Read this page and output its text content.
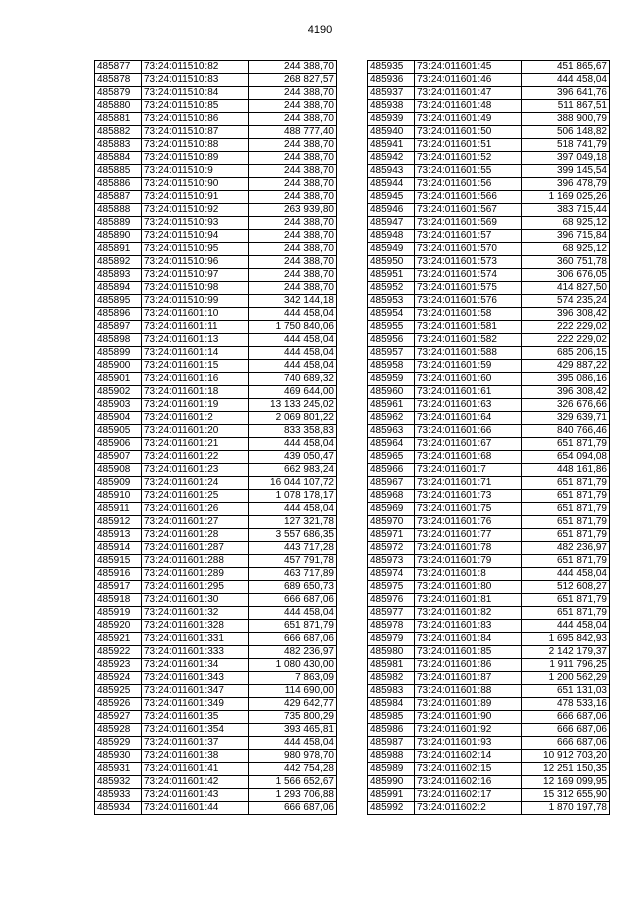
4190
485877	73:24:011510:82	244 388,70
485878	73:24:011510:83	268 827,57
485879	73:24:011510:84	244 388,70
485880	73:24:011510:85	244 388,70
485881	73:24:011510:86	244 388,70
485882	73:24:011510:87	488 777,40
485883	73:24:011510:88	244 388,70
485884	73:24:011510:89	244 388,70
485885	73:24:011510:9	244 388,70
485886	73:24:011510:90	244 388,70
485887	73:24:011510:91	244 388,70
485888	73:24:011510:92	263 939,80
485889	73:24:011510:93	244 388,70
485890	73:24:011510:94	244 388,70
485891	73:24:011510:95	244 388,70
485892	73:24:011510:96	244 388,70
485893	73:24:011510:97	244 388,70
485894	73:24:011510:98	244 388,70
485895	73:24:011510:99	342 144,18
485896	73:24:011601:10	444 458,04
485897	73:24:011601:11	1 750 840,06
485898	73:24:011601:13	444 458,04
485899	73:24:011601:14	444 458,04
485900	73:24:011601:15	444 458,04
485901	73:24:011601:16	740 689,32
485902	73:24:011601:18	469 644,00
485903	73:24:011601:19	13 133 245,02
485904	73:24:011601:2	2 069 801,22
485905	73:24:011601:20	833 358,83
485906	73:24:011601:21	444 458,04
485907	73:24:011601:22	439 050,47
485908	73:24:011601:23	662 983,24
485909	73:24:011601:24	16 044 107,72
485910	73:24:011601:25	1 078 178,17
485911	73:24:011601:26	444 458,04
485912	73:24:011601:27	127 321,78
485913	73:24:011601:28	3 557 686,35
485914	73:24:011601:287	443 717,28
485915	73:24:011601:288	457 791,78
485916	73:24:011601:289	463 717,89
485917	73:24:011601:295	689 650,73
485918	73:24:011601:30	666 687,06
485919	73:24:011601:32	444 458,04
485920	73:24:011601:328	651 871,79
485921	73:24:011601:331	666 687,06
485922	73:24:011601:333	482 236,97
485923	73:24:011601:34	1 080 430,00
485924	73:24:011601:343	7 863,09
485925	73:24:011601:347	114 690,00
485926	73:24:011601:349	429 642,77
485927	73:24:011601:35	735 800,29
485928	73:24:011601:354	393 465,81
485929	73:24:011601:37	444 458,04
485930	73:24:011601:38	980 978,70
485931	73:24:011601:41	442 754,28
485932	73:24:011601:42	1 566 652,67
485933	73:24:011601:43	1 293 706,88
485934	73:24:011601:44	666 687,06
485935	73:24:011601:45	451 865,67
485936	73:24:011601:46	444 458,04
485937	73:24:011601:47	396 641,76
485938	73:24:011601:48	511 867,51
485939	73:24:011601:49	388 900,79
485940	73:24:011601:50	506 148,82
485941	73:24:011601:51	518 741,79
485942	73:24:011601:52	397 049,18
485943	73:24:011601:55	399 145,54
485944	73:24:011601:56	396 478,79
485945	73:24:011601:566	1 169 025,26
485946	73:24:011601:567	383 715,44
485947	73:24:011601:569	68 925,12
485948	73:24:011601:57	396 715,84
485949	73:24:011601:570	68 925,12
485950	73:24:011601:573	360 751,78
485951	73:24:011601:574	306 676,05
485952	73:24:011601:575	414 827,50
485953	73:24:011601:576	574 235,24
485954	73:24:011601:58	396 308,42
485955	73:24:011601:581	222 229,02
485956	73:24:011601:582	222 229,02
485957	73:24:011601:588	685 206,15
485958	73:24:011601:59	429 887,22
485959	73:24:011601:60	395 086,16
485960	73:24:011601:61	396 308,42
485961	73:24:011601:63	326 676,66
485962	73:24:011601:64	329 639,71
485963	73:24:011601:66	840 766,46
485964	73:24:011601:67	651 871,79
485965	73:24:011601:68	654 094,08
485966	73:24:011601:7	448 161,86
485967	73:24:011601:71	651 871,79
485968	73:24:011601:73	651 871,79
485969	73:24:011601:75	651 871,79
485970	73:24:011601:76	651 871,79
485971	73:24:011601:77	651 871,79
485972	73:24:011601:78	482 236,97
485973	73:24:011601:79	651 871,79
485974	73:24:011601:8	444 458,04
485975	73:24:011601:80	512 608,27
485976	73:24:011601:81	651 871,79
485977	73:24:011601:82	651 871,79
485978	73:24:011601:83	444 458,04
485979	73:24:011601:84	1 695 842,93
485980	73:24:011601:85	2 142 179,37
485981	73:24:011601:86	1 911 796,25
485982	73:24:011601:87	1 200 562,29
485983	73:24:011601:88	651 131,03
485984	73:24:011601:89	478 533,16
485985	73:24:011601:90	666 687,06
485986	73:24:011601:92	666 687,06
485987	73:24:011601:93	666 687,06
485988	73:24:011602:14	10 912 703,20
485989	73:24:011602:15	12 251 150,35
485990	73:24:011602:16	12 169 099,95
485991	73:24:011602:17	15 312 655,90
485992	73:24:011602:2	1 870 197,78
